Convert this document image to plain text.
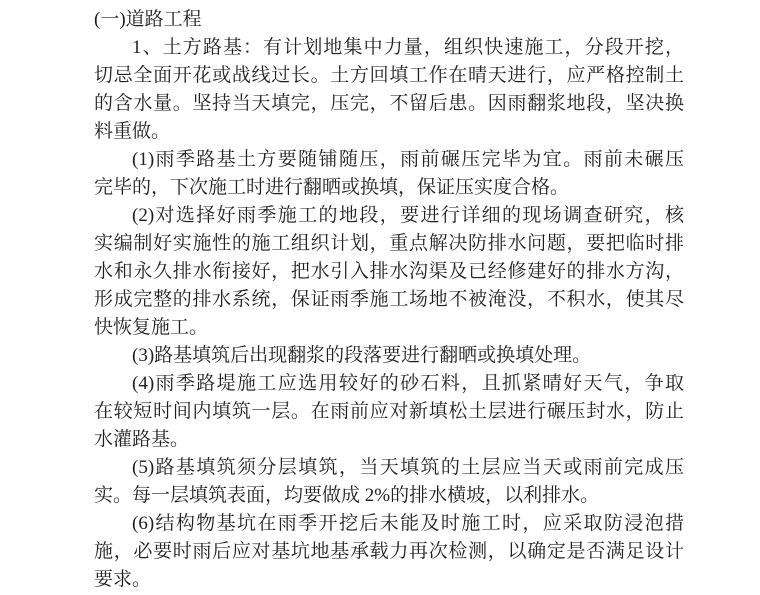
(一)道路工程
1、土方路基：有计划地集中力量，组织快速施工，分段开挖，
切忌全面开花或战线过长。土方回填工作在晴天进行，应严格控制土
的含水量。坚持当天填完，压完，不留后患。因雨翻浆地段，坚决换
料重做。
(1)雨季路基土方要随铺随压，雨前碾压完毕为宜。雨前未碾压
完毕的，下次施工时进行翻晒或换填，保证压实度合格。
(2)对选择好雨季施工的地段，要进行详细的现场调查研究，核
实编制好实施性的施工组织计划，重点解决防排水问题，要把临时排
水和永久排水衔接好，把水引入排水沟渠及已经修建好的排水方沟，
形成完整的排水系统，保证雨季施工场地不被淹没，不积水，使其尽
快恢复施工。
(3)路基填筑后出现翻浆的段落要进行翻晒或换填处理。
(4)雨季路堤施工应选用较好的砂石料，且抓紧晴好天气，争取
在较短时间内填筑一层。在雨前应对新填松土层进行碾压封水，防止
水灌路基。
(5)路基填筑须分层填筑，当天填筑的土层应当天或雨前完成压
实。每一层填筑表面，均要做成 2%的排水横坡，以利排水。
(6)结构物基坑在雨季开挖后未能及时施工时，应采取防浸泡措
施，必要时雨后应对基坑地基承载力再次检测，以确定是否满足设计
要求。
